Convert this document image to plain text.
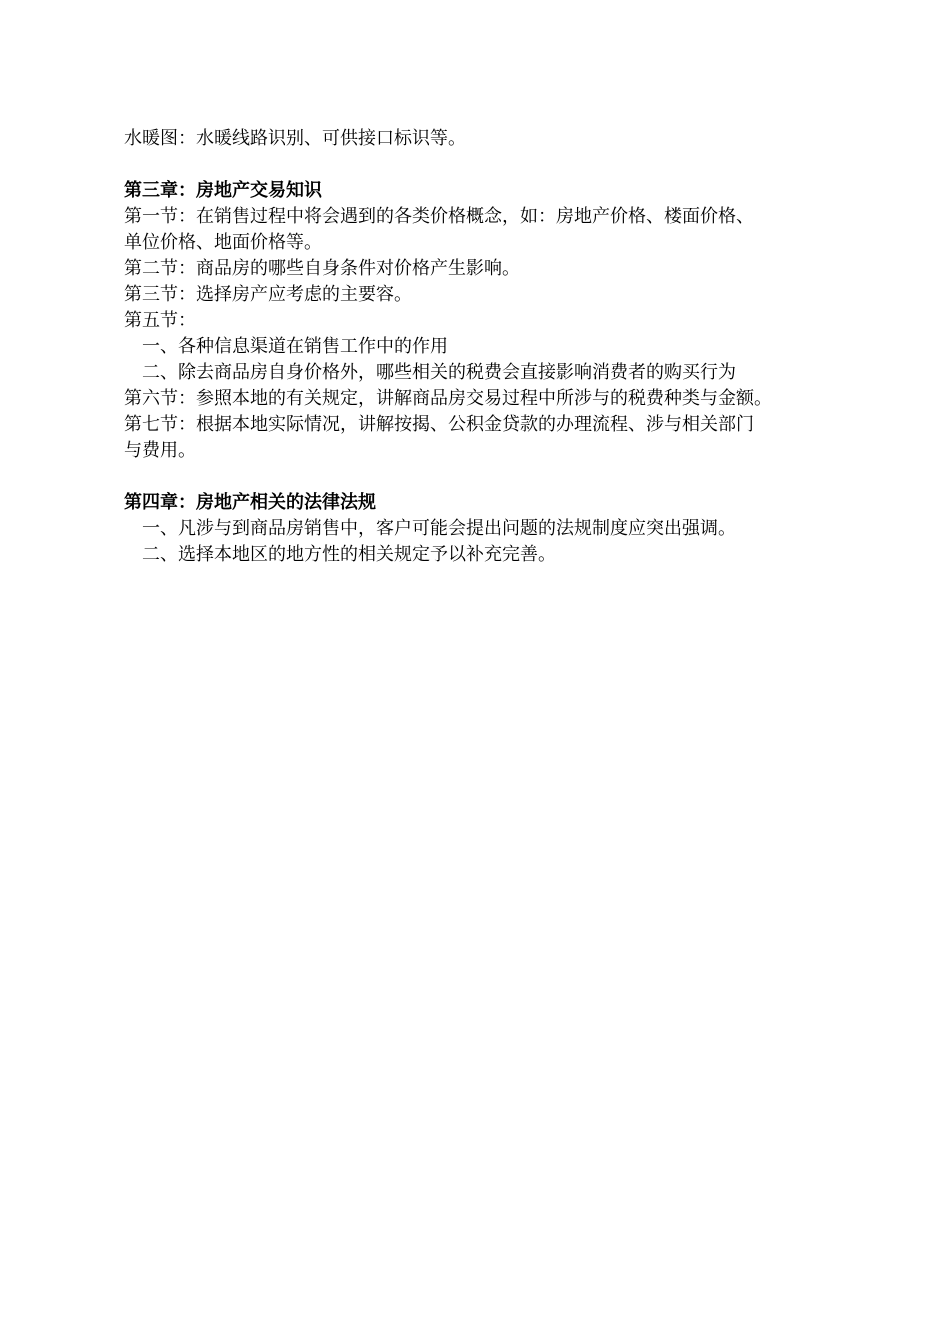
水暖图：水暖线路识别、可供接口标识等。
第三章：房地产交易知识
第一节：在销售过程中将会遇到的各类价格概念，如：房地产价格、楼面价格、
单位价格、地面价格等。
第二节：商品房的哪些自身条件对价格产生影响。
第三节：选择房产应考虑的主要容。
第五节：
一、各种信息渠道在销售工作中的作用
二、除去商品房自身价格外，哪些相关的税费会直接影响消费者的购买行为
第六节：参照本地的有关规定，讲解商品房交易过程中所涉与的税费种类与金额。
第七节：根据本地实际情况，讲解按揭、公积金贷款的办理流程、涉与相关部门
与费用。
第四章：房地产相关的法律法规
一、凡涉与到商品房销售中，客户可能会提出问题的法规制度应突出强调。
二、选择本地区的地方性的相关规定予以补充完善。
